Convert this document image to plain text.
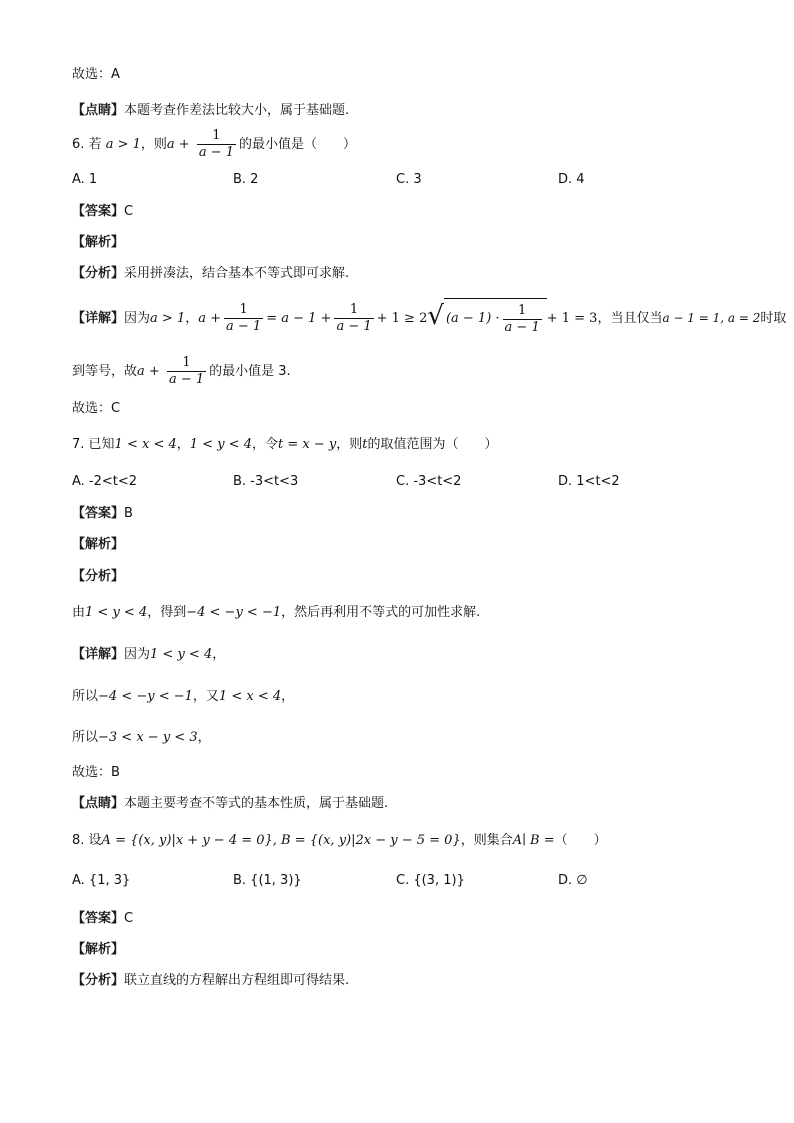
故选：A
【点睛】本题考查作差法比较大小，属于基础题.
6. 若 a > 1，则$a + \frac{1}{a - 1}$ 的最小值是（　　）
A. 1	B. 2	C. 3	D. 4
【答案】C
【解析】
【分析】采用拼凑法，结合基本不等式即可求解.
【详解】因为a > 1，$a + \frac{1}{a - 1} = a - 1 + \frac{1}{a - 1} + 1 \ge 2$ √ $(a - 1) \cdot \frac{1}{a - 1} + 1 = 3$，当且仅当a − 1 = 1, a = 2时取
到等号，故$a + \frac{1}{a - 1}$ 的最小值是 3.
故选：C
7. 已知1 < x < 4，1 < y < 4，令t = x − y，则t的取值范围为（　　）
A. -2<t<2	B. -3<t<3	C. -3<t<2	D. 1<t<2
【答案】B
【解析】
【分析】
由1 < y < 4，得到−4 < −y < −1，然后再利用不等式的可加性求解.
【详解】因为1 < y < 4，
所以−4 < −y < −1，又1 < x < 4，
所以−3 < x − y < 3，
故选：B
【点睛】本题主要考查不等式的基本性质，属于基础题.
8. 设A = {(x, y)|x + y − 4 = 0}, B = {(x, y)|2x − y − 5 = 0}，则集合A∣ B =（　　）
A. {1, 3}	B. {(1, 3)}	C. {(3, 1)}	D. ∅
【答案】C
【解析】
【分析】联立直线的方程解出方程组即可得结果.
